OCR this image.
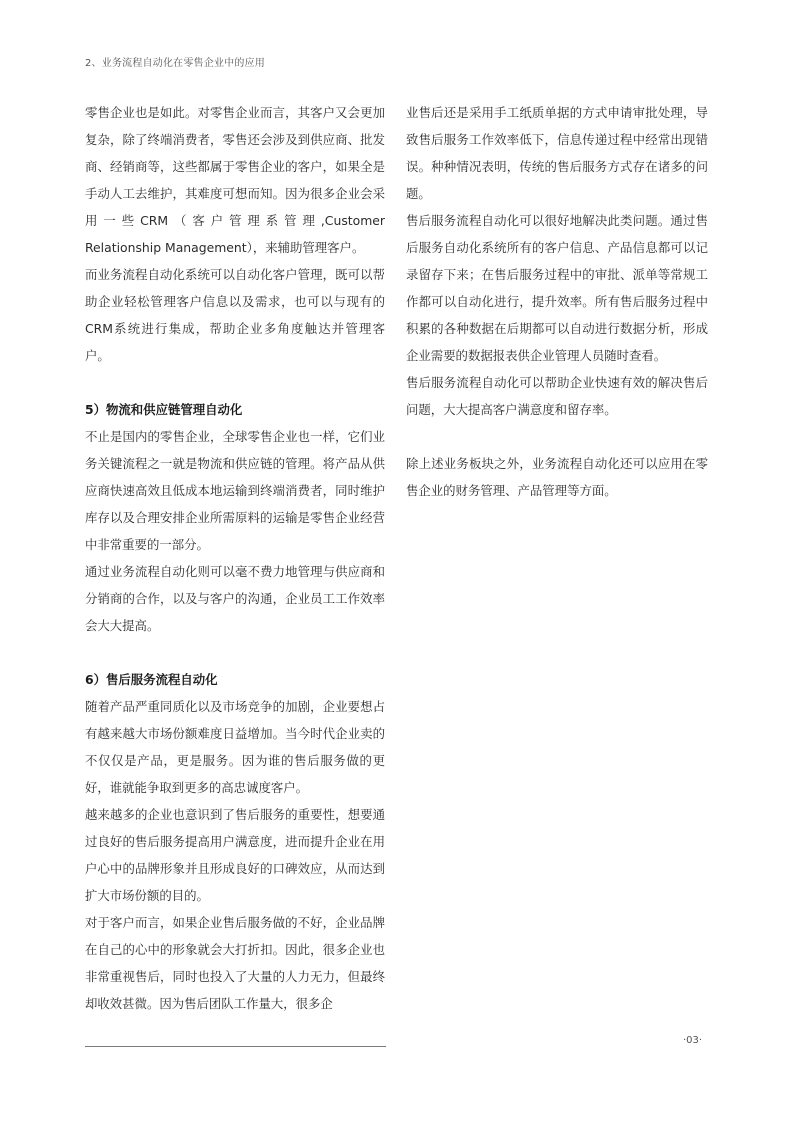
2、业务流程自动化在零售企业中的应用

零售企业也是如此。对零售企业而言，其客户又会更加复杂，除了终端消费者，零售还会涉及到供应商、批发商、经销商等，这些都属于零售企业的客户，如果全是手动人工去维护，其难度可想而知。因为很多企业会采用一些CRM（客户管理系管理,Customer Relationship Management），来辅助管理客户。

而业务流程自动化系统可以自动化客户管理，既可以帮助企业轻松管理客户信息以及需求，也可以与现有的CRM系统进行集成，帮助企业多角度触达并管理客户。

5）物流和供应链管理自动化

不止是国内的零售企业，全球零售企业也一样，它们业务关键流程之一就是物流和供应链的管理。将产品从供应商快速高效且低成本地运输到终端消费者，同时维护库存以及合理安排企业所需原料的运输是零售企业经营中非常重要的一部分。

通过业务流程自动化则可以毫不费力地管理与供应商和分销商的合作，以及与客户的沟通，企业员工工作效率会大大提高。

6）售后服务流程自动化

随着产品严重同质化以及市场竞争的加剧，企业要想占有越来越大市场份额难度日益增加。当今时代企业卖的不仅仅是产品，更是服务。因为谁的售后服务做的更好，谁就能争取到更多的高忠诚度客户。

越来越多的企业也意识到了售后服务的重要性，想要通过良好的售后服务提高用户满意度，进而提升企业在用户心中的品牌形象并且形成良好的口碑效应，从而达到扩大市场份额的目的。

对于客户而言，如果企业售后服务做的不好，企业品牌在自己的心中的形象就会大打折扣。因此，很多企业也非常重视售后，同时也投入了大量的人力无力，但最终却收效甚微。因为售后团队工作量大，很多企

业售后还是采用手工纸质单据的方式申请审批处理，导致售后服务工作效率低下，信息传递过程中经常出现错误。种种情况表明，传统的售后服务方式存在诸多的问题。

售后服务流程自动化可以很好地解决此类问题。通过售后服务自动化系统所有的客户信息、产品信息都可以记录留存下来；在售后服务过程中的审批、派单等常规工作都可以自动化进行，提升效率。所有售后服务过程中积累的各种数据在后期都可以自动进行数据分析，形成企业需要的数据报表供企业管理人员随时查看。

售后服务流程自动化可以帮助企业快速有效的解决售后问题，大大提高客户满意度和留存率。

除上述业务板块之外，业务流程自动化还可以应用在零售企业的财务管理、产品管理等方面。

·03·
